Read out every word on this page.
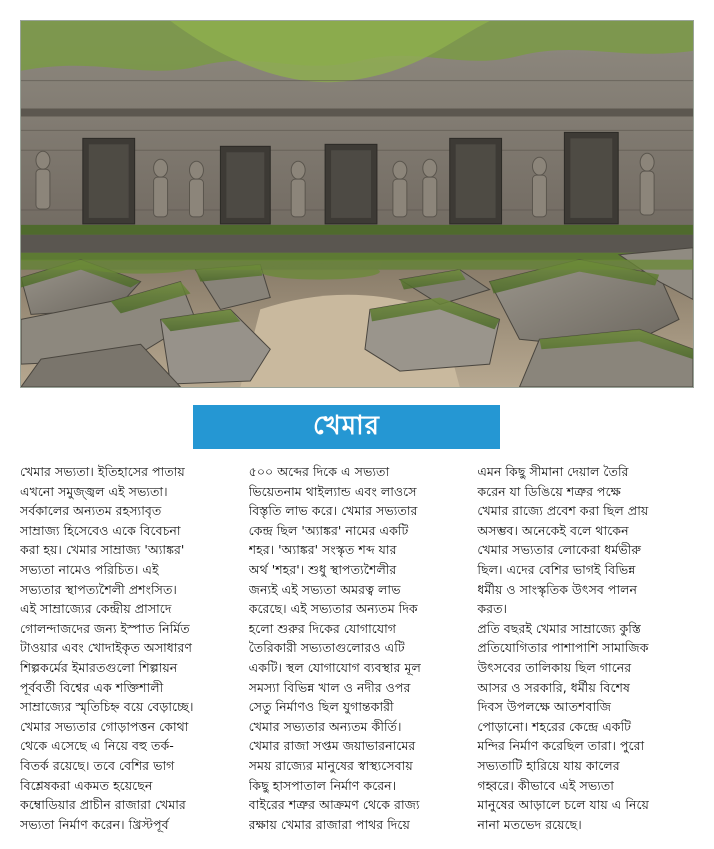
খেমার
খেমার সভ্যতা। ইতিহাসের পাতায়
এখনো সমুজ্জ্বল এই সভ্যতা।
সর্বকালের অন্যতম রহস্যাবৃত
সাম্রাজ্য হিসেবেও একে বিবেচনা
করা হয়। খেমার সাম্রাজ্য 'অ্যাঙ্কর'
সভ্যতা নামেও পরিচিত। এই
সভ্যতার স্থাপত্যশৈলী প্রশংসিত।
এই সাম্রাজ্যের কেন্দ্রীয় প্রাসাদে
গোলন্দাজদের জন্য ইস্পাত নির্মিত
টাওয়ার এবং খোদাইকৃত অসাধারণ
শিল্পকর্মের ইমারতগুলো শিল্পায়ন
পূর্ববর্তী বিশ্বের এক শক্তিশালী
সাম্রাজ্যের স্মৃতিচিহ্ন বয়ে বেড়াচ্ছে।
খেমার সভ্যতার গোড়াপত্তন কোথা
থেকে এসেছে এ নিয়ে বহু তর্ক-
বিতর্ক রয়েছে। তবে বেশির ভাগ
বিশ্লেষকরা একমত হয়েছেন
কম্বোডিয়ার প্রাচীন রাজারা খেমার
সভ্যতা নির্মাণ করেন। খ্রিস্টপূর্ব
৫০০ অব্দের দিকে এ সভ্যতা
ভিয়েতনাম থাইল্যান্ড এবং লাওসে
বিস্তৃতি লাভ করে। খেমার সভ্যতার
কেন্দ্র ছিল 'অ্যাঙ্কর' নামের একটি
শহর। 'অ্যাঙ্কর' সংস্কৃত শব্দ যার
অর্থ 'শহর'। শুধু স্থাপত্যশৈলীর
জন্যই এই সভ্যতা অমরত্ব লাভ
করেছে। এই সভ্যতার অন্যতম দিক
হলো শুরুর দিকের যোগাযোগ
তৈরিকারী সভ্যতাগুলোরও এটি
একটি। স্থল যোগাযোগ ব্যবস্থার মূল
সমস্যা বিভিন্ন খাল ও নদীর ওপর
সেতু নির্মাণও ছিল যুগান্তকারী
খেমার সভ্যতার অন্যতম কীর্তি।
খেমার রাজা সপ্তম জয়াভারনামের
সময় রাজ্যের মানুষের স্বাস্থ্যসেবায়
কিছু হাসপাতাল নির্মাণ করেন।
বাইরের শত্রুর আক্রমণ থেকে রাজ্য
রক্ষায় খেমার রাজারা পাথর দিয়ে
এমন কিছু সীমানা দেয়াল তৈরি
করেন যা ডিঙিয়ে শত্রুর পক্ষে
খেমার রাজ্যে প্রবেশ করা ছিল প্রায়
অসম্ভব। অনেকেই বলে থাকেন
খেমার সভ্যতার লোকেরা ধর্মভীরু
ছিল। এদের বেশির ভাগই বিভিন্ন
ধর্মীয় ও সাংস্কৃতিক উৎসব পালন
করত।
প্রতি বছরই খেমার সাম্রাজ্যে কুস্তি
প্রতিযোগিতার পাশাপাশি সামাজিক
উৎসবের তালিকায় ছিল গানের
আসর ও সরকারি, ধর্মীয় বিশেষ
দিবস উপলক্ষে আতশবাজি
পোড়ানো। শহরের কেন্দ্রে একটি
মন্দির নির্মাণ করেছিল তারা। পুরো
সভ্যতাটি হারিয়ে যায় কালের
গহ্বরে। কীভাবে এই সভ্যতা
মানুষের আড়ালে চলে যায় এ নিয়ে
নানা মতভেদ রয়েছে।
